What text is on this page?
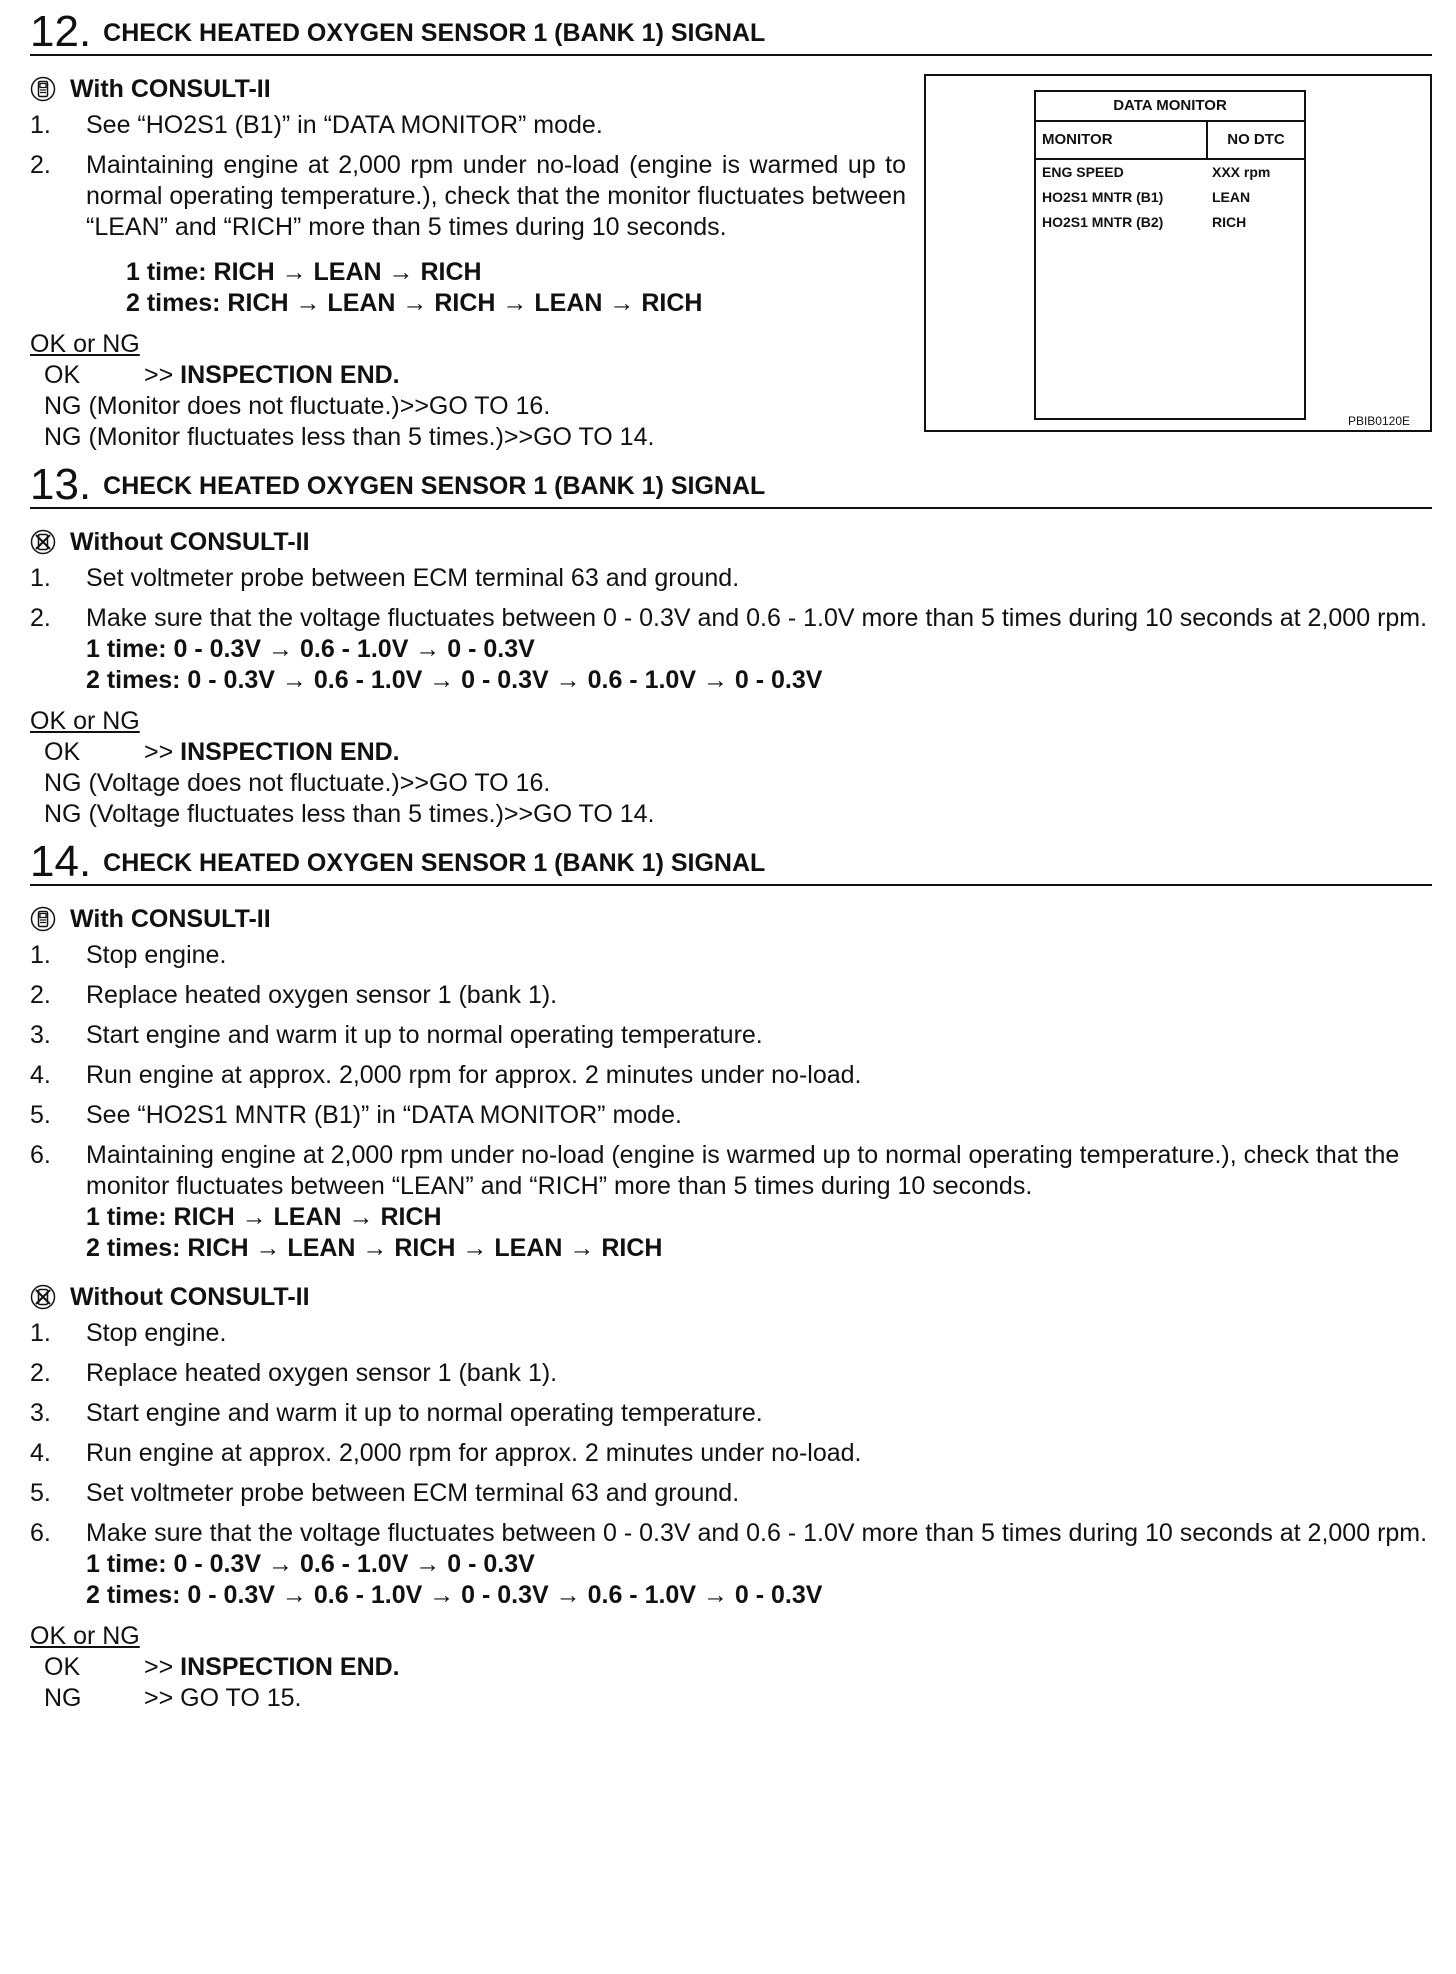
12. CHECK HEATED OXYGEN SENSOR 1 (BANK 1) SIGNAL
With CONSULT-II
1. See “HO2S1 (B1)” in “DATA MONITOR” mode.
2. Maintaining engine at 2,000 rpm under no-load (engine is warmed up to normal operating temperature.), check that the monitor fluctuates between “LEAN” and “RICH” more than 5 times during 10 seconds.
1 time: RICH → LEAN → RICH
2 times: RICH → LEAN → RICH → LEAN → RICH
OK or NG
OK	>> INSPECTION END.
NG (Monitor does not fluctuate.)>>GO TO 16.
NG (Monitor fluctuates less than 5 times.)>>GO TO 14.
DATA MONITOR
MONITOR	NO DTC
ENG SPEED	XXX rpm
HO2S1 MNTR (B1)	LEAN
HO2S1 MNTR (B2)	RICH
PBIB0120E
13. CHECK HEATED OXYGEN SENSOR 1 (BANK 1) SIGNAL
Without CONSULT-II
1. Set voltmeter probe between ECM terminal 63 and ground.
2. Make sure that the voltage fluctuates between 0 - 0.3V and 0.6 - 1.0V more than 5 times during 10 seconds at 2,000 rpm.
1 time: 0 - 0.3V → 0.6 - 1.0V → 0 - 0.3V
2 times: 0 - 0.3V → 0.6 - 1.0V → 0 - 0.3V → 0.6 - 1.0V → 0 - 0.3V
OK or NG
OK	>> INSPECTION END.
NG (Voltage does not fluctuate.)>>GO TO 16.
NG (Voltage fluctuates less than 5 times.)>>GO TO 14.
14. CHECK HEATED OXYGEN SENSOR 1 (BANK 1) SIGNAL
With CONSULT-II
1. Stop engine.
2. Replace heated oxygen sensor 1 (bank 1).
3. Start engine and warm it up to normal operating temperature.
4. Run engine at approx. 2,000 rpm for approx. 2 minutes under no-load.
5. See “HO2S1 MNTR (B1)” in “DATA MONITOR” mode.
6. Maintaining engine at 2,000 rpm under no-load (engine is warmed up to normal operating temperature.), check that the monitor fluctuates between “LEAN” and “RICH” more than 5 times during 10 seconds.
1 time: RICH → LEAN → RICH
2 times: RICH → LEAN → RICH → LEAN → RICH
Without CONSULT-II
1. Stop engine.
2. Replace heated oxygen sensor 1 (bank 1).
3. Start engine and warm it up to normal operating temperature.
4. Run engine at approx. 2,000 rpm for approx. 2 minutes under no-load.
5. Set voltmeter probe between ECM terminal 63 and ground.
6. Make sure that the voltage fluctuates between 0 - 0.3V and 0.6 - 1.0V more than 5 times during 10 seconds at 2,000 rpm.
1 time: 0 - 0.3V → 0.6 - 1.0V → 0 - 0.3V
2 times: 0 - 0.3V → 0.6 - 1.0V → 0 - 0.3V → 0.6 - 1.0V → 0 - 0.3V
OK or NG
OK	>> INSPECTION END.
NG	>> GO TO 15.
